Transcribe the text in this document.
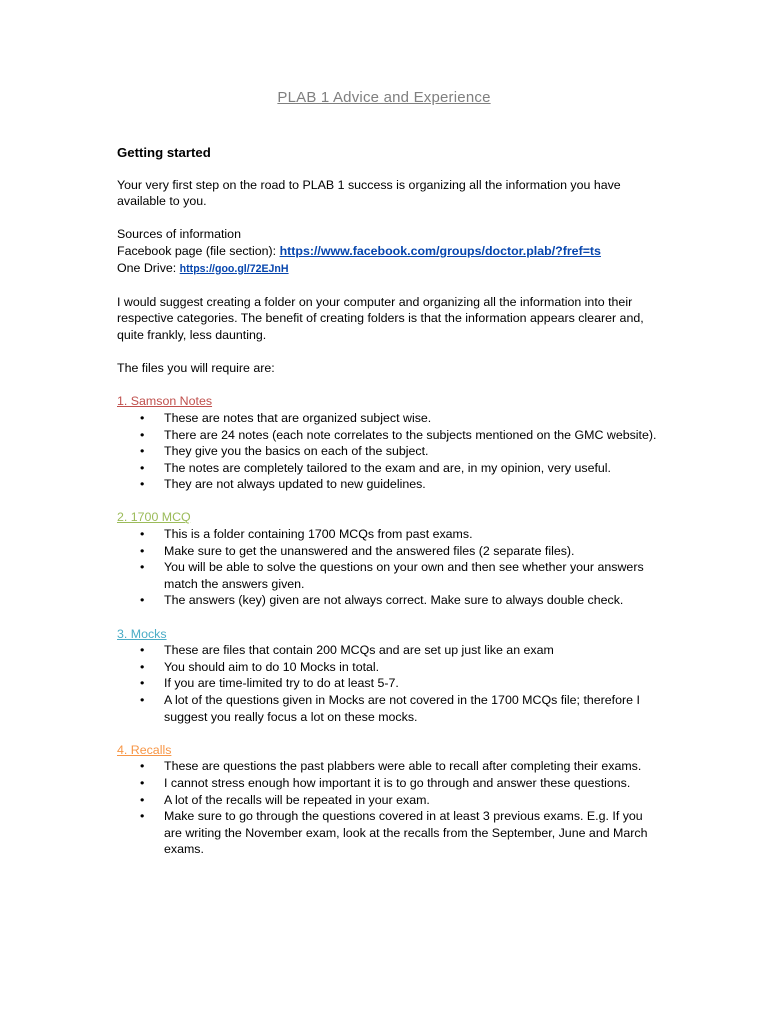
PLAB 1 Advice and Experience
Getting started

Your very first step on the road to PLAB 1 success is organizing all the information you have available to you.

Sources of information

Facebook page (file section): https://www.facebook.com/groups/doctor.plab/?fref=ts

One Drive: https://goo.gl/72EJnH

I would suggest creating a folder on your computer and organizing all the information into their respective categories. The benefit of creating folders is that the information appears clearer and, quite frankly, less daunting.

The files you will require are:

1. Samson Notes

• These are notes that are organized subject wise.
• There are 24 notes (each note correlates to the subjects mentioned on the GMC website).
• They give you the basics on each of the subject.
• The notes are completely tailored to the exam and are, in my opinion, very useful.
• They are not always updated to new guidelines.

2. 1700 MCQ

• This is a folder containing 1700 MCQs from past exams.
• Make sure to get the unanswered and the answered files (2 separate files).
• You will be able to solve the questions on your own and then see whether your answers match the answers given.
• The answers (key) given are not always correct. Make sure to always double check.

3. Mocks

• These are files that contain 200 MCQs and are set up just like an exam
• You should aim to do 10 Mocks in total.
• If you are time-limited try to do at least 5-7.
• A lot of the questions given in Mocks are not covered in the 1700 MCQs file; therefore I suggest you really focus a lot on these mocks.

4. Recalls

• These are questions the past plabbers were able to recall after completing their exams.
• I cannot stress enough how important it is to go through and answer these questions.
• A lot of the recalls will be repeated in your exam.
• Make sure to go through the questions covered in at least 3 previous exams. E.g. If you are writing the November exam, look at the recalls from the September, June and March exams.
